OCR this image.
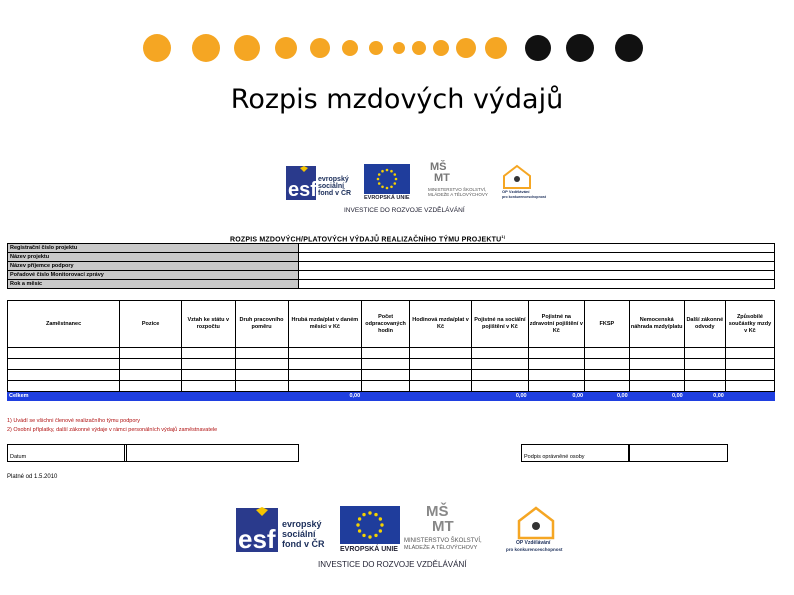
Rozpis mzdových výdajů
esf evropský
sociální
fond v ČR
EVROPSKÁ UNIE
MŠ
MT
MINISTERSTVO ŠKOLSTVÍ,
MLÁDEŽE A TĚLOVÝCHOVY
OP Vzdělávání
pro konkurenceschopnost
INVESTICE DO ROZVOJE VZDĚLÁVÁNÍ
ROZPIS MZDOVÝCH/PLATOVÝCH VÝDAJŮ REALIZAČNÍHO TÝMU PROJEKTU$^{1)}$
Registrační číslo projektu	
Název projektu	
Název příjemce podpory	
Pořadové číslo Monitorovací zprávy	
Rok a měsíc	
Zaměstnanec	Pozice	Vztah ke státu v rozpočtu	Druh pracovního poměru	Hrubá mzda/plat v daném měsíci v Kč	Počet odpracovaných hodin	Hodinová mzda/plat v Kč	Pojistné na sociální pojištění v Kč	Pojistné na zdravotní pojištění v Kč	FKSP	Nemocenská náhrada mzdy/platu	Další zákonné odvody	Způsobilé součástky mzdy v Kč

Celkem				0,00			0,00	0,00	0,00	0,00	0,00	
1) Uvádí se všichni členové realizačního týmu podpory
2) Osobní příplatky, další zákonné výdaje v rámci personálních výdajů zaměstnavatele
Datum	Podpis oprávněné osoby
Platné od 1.5.2010
esf evropský
sociální
fond v ČR
EVROPSKÁ UNIE
MŠ
MT
MINISTERSTVO ŠKOLSTVÍ,
MLÁDEŽE A TĚLOVÝCHOVY
OP Vzdělávání
pro konkurenceschopnost
INVESTICE DO ROZVOJE VZDĚLÁVÁNÍ
